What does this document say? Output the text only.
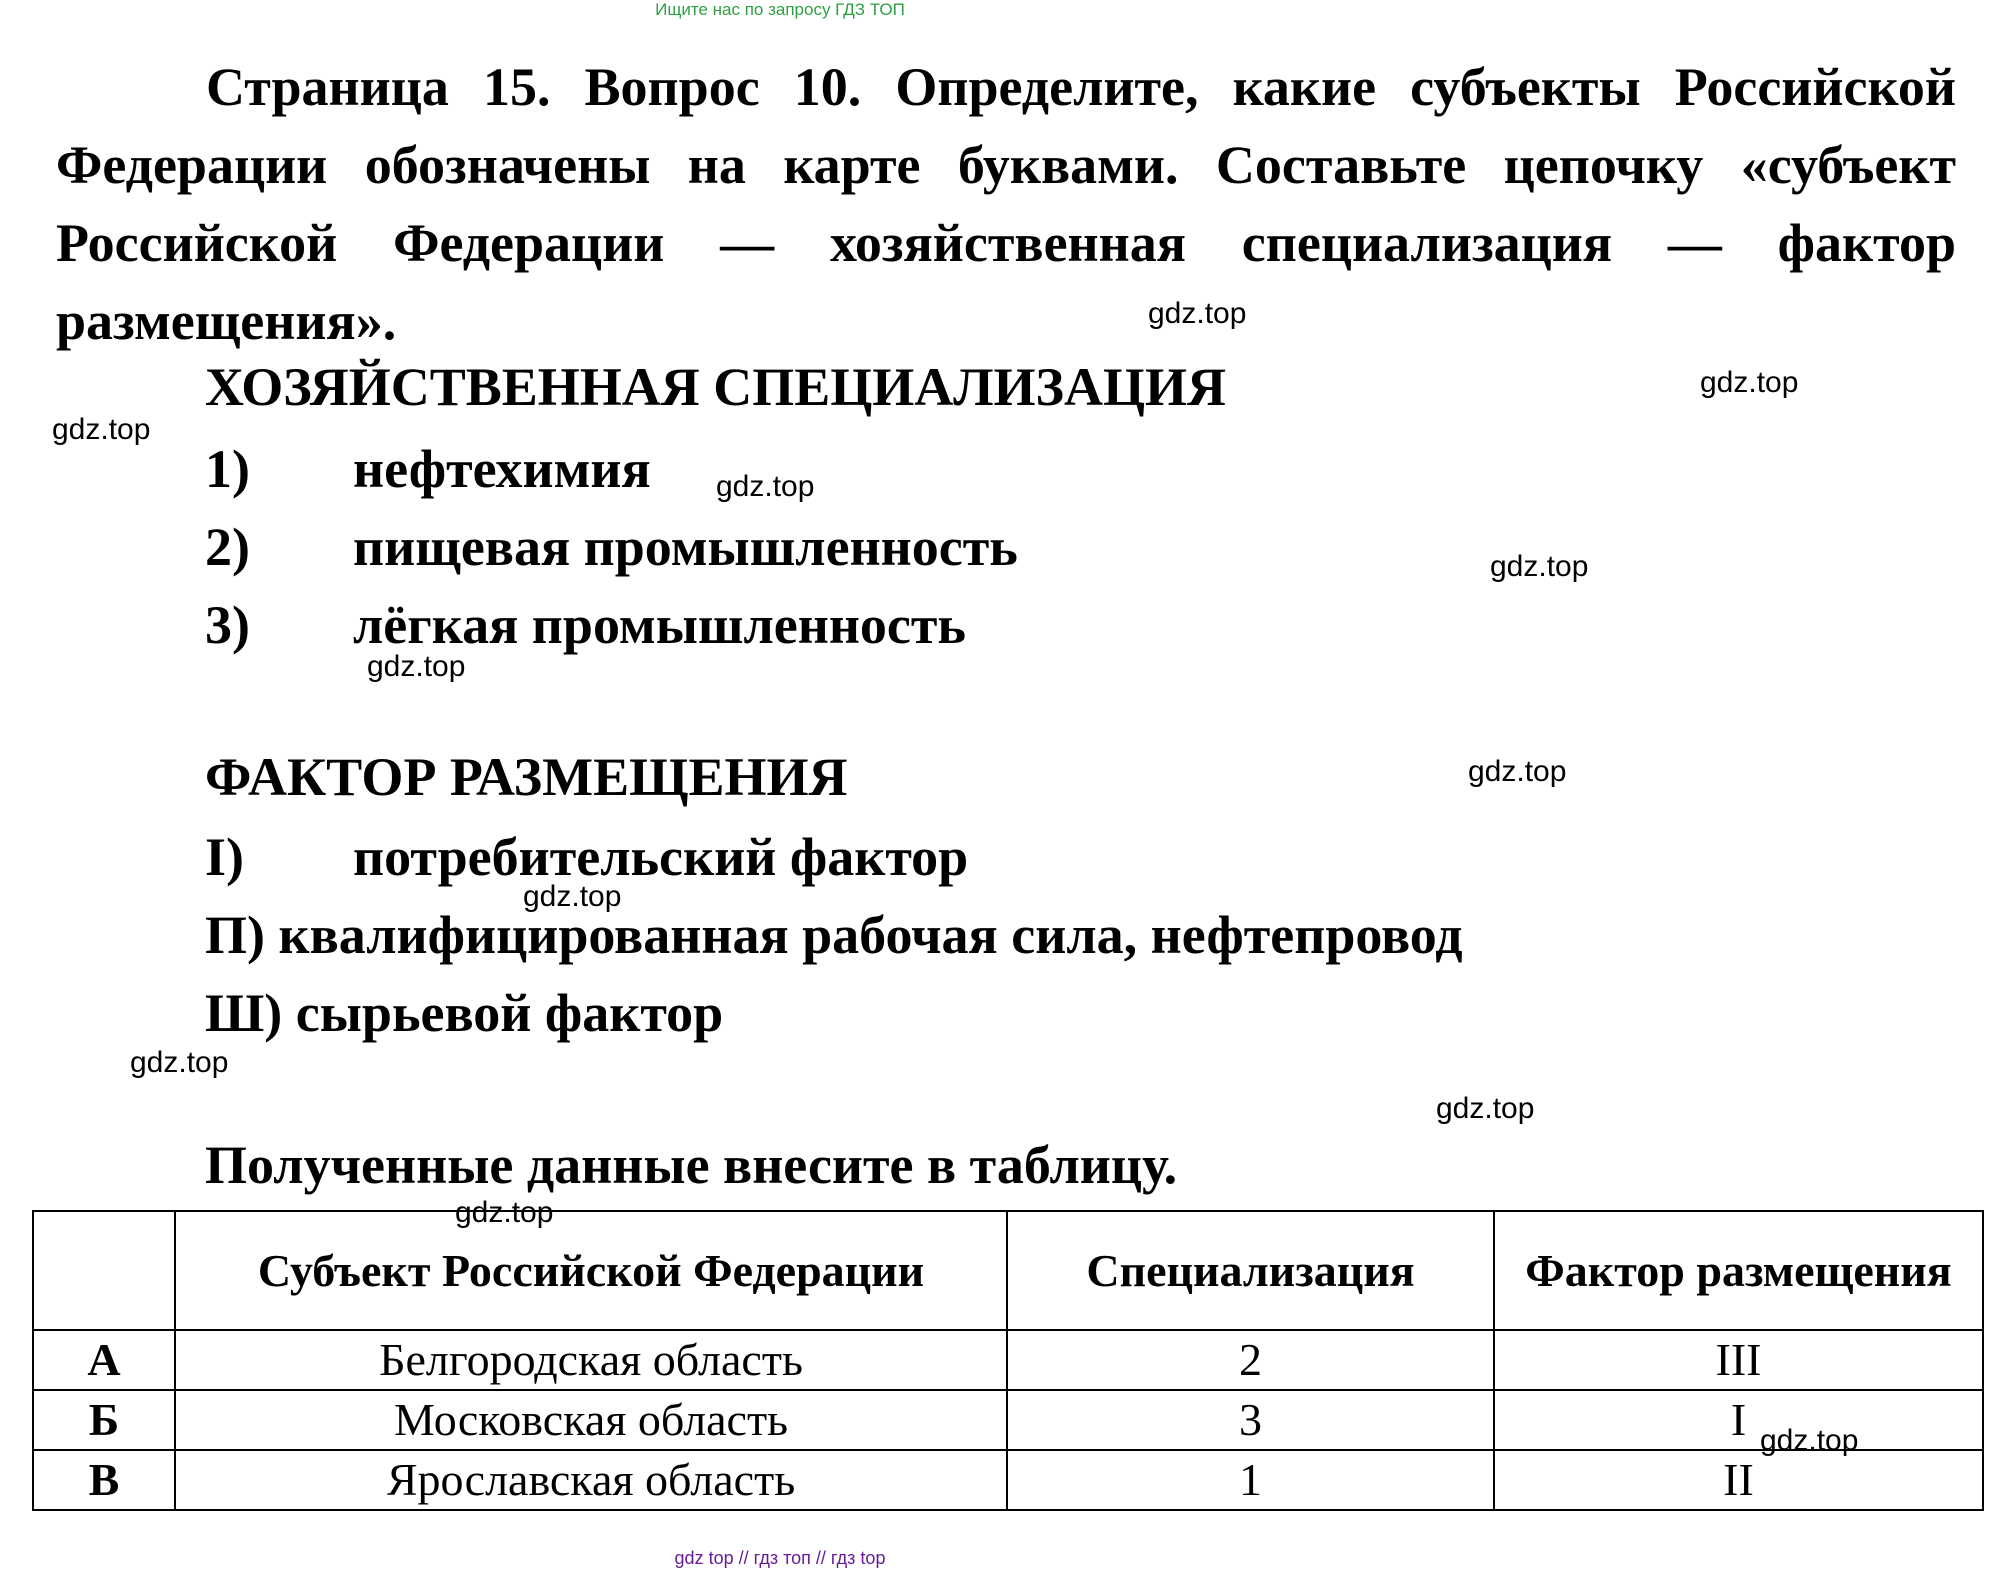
Ищите нас по запросу ГДЗ ТОП
Страница 15. Вопрос 10. Определите, какие субъекты Российской Федерации обозначены на карте буквами. Составьте цепочку «субъект Российской Федерации — хозяйственная специализация — фактор размещения».
ХОЗЯЙСТВЕННАЯ СПЕЦИАЛИЗАЦИЯ
1) нефтехимия
2) пищевая промышленность
3) лёгкая промышленность
ФАКТОР РАЗМЕЩЕНИЯ
I) потребительский фактор
П) квалифицированная рабочая сила, нефтепровод
Ш) сырьевой фактор
Полученные данные внесите в таблицу.
	Субъект Российской Федерации	Специализация	Фактор размещения
А	Белгородская область	2	III
Б	Московская область	3	I
В	Ярославская область	1	II
gdz.top
gdz.top
gdz.top
gdz.top
gdz.top
gdz.top
gdz.top
gdz.top
gdz.top
gdz.top
gdz.top
gdz.top
gdz top // гдз топ // гдз top
